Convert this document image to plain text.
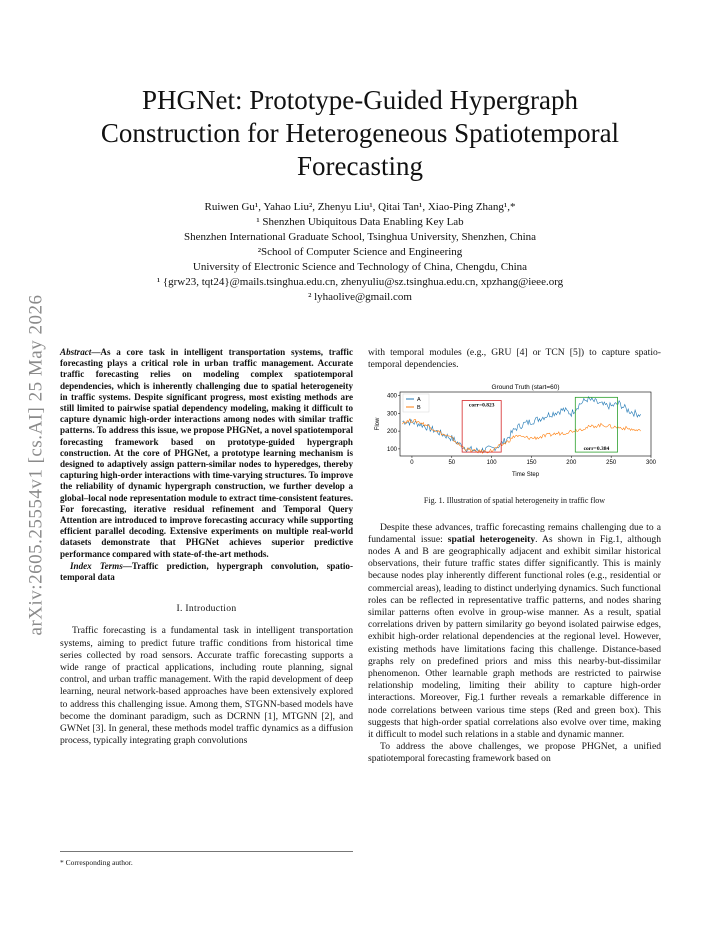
arXiv:2605.25554v1 [cs.AI] 25 May 2026
PHGNet: Prototype-Guided Hypergraph
Construction for Heterogeneous Spatiotemporal
Forecasting
Ruiwen Gu¹, Yahao Liu², Zhenyu Liu¹, Qitai Tan¹, Xiao-Ping Zhang¹,*
¹ Shenzhen Ubiquitous Data Enabling Key Lab
Shenzhen International Graduate School, Tsinghua University, Shenzhen, China
²School of Computer Science and Engineering
University of Electronic Science and Technology of China, Chengdu, China
¹ {grw23, tqt24}@mails.tsinghua.edu.cn, zhenyuliu@sz.tsinghua.edu.cn, xpzhang@ieee.org
² lyhaolive@gmail.com

Abstract—As a core task in intelligent transportation systems, traffic forecasting plays a critical role in urban traffic management. Accurate traffic forecasting relies on modeling complex spatiotemporal dependencies, which is inherently challenging due to spatial heterogeneity in traffic systems. Despite significant progress, most existing methods are still limited to pairwise spatial dependency modeling, making it difficult to capture dynamic high-order interactions among nodes with similar traffic patterns. To address this issue, we propose PHGNet, a novel spatiotemporal forecasting framework based on prototype-guided hypergraph construction. At the core of PHGNet, a prototype learning mechanism is designed to adaptively assign pattern-similar nodes to hyperedges, thereby capturing high-order interactions with time-varying structures. To improve the reliability of dynamic hypergraph construction, we further develop a global–local node representation module to extract time-consistent features. For forecasting, iterative residual refinement and Temporal Query Attention are introduced to improve forecasting accuracy while supporting efficient parallel decoding. Extensive experiments on multiple real-world datasets demonstrate that PHGNet achieves superior predictive performance compared with state-of-the-art methods.

Index Terms—Traffic prediction, hypergraph convolution, spatio-temporal data

I. Introduction

Traffic forecasting is a fundamental task in intelligent transportation systems, aiming to predict future traffic conditions from historical time series collected by road sensors. Accurate traffic forecasting supports a wide range of practical applications, including route planning, signal control, and urban traffic management. With the rapid development of deep learning, neural network-based approaches have been extensively explored to address this challenging issue. Among them, STGNN-based models have become the dominant paradigm, such as DCRNN [1], MTGNN [2], and GWNet [3]. In general, these methods model traffic dynamics as a diffusion process, typically integrating graph convolutions

* Corresponding author.

with temporal modules (e.g., GRU [4] or TCN [5]) to capture spatio-temporal dependencies.

Ground Truth (start=60)
Flow
Time Step
0	50	100	150	200	250	300
100
200
300
400
corr=0.823
corr=0.384
A
B
Fig. 1. Illustration of spatial heterogeneity in traffic flow

Despite these advances, traffic forecasting remains challenging due to a fundamental issue: spatial heterogeneity. As shown in Fig.1, although nodes A and B are geographically adjacent and exhibit similar historical observations, their future traffic states differ significantly. This is mainly because nodes play inherently different functional roles (e.g., residential or commercial areas), leading to distinct underlying dynamics. Such functional roles can be reflected in representative traffic patterns, and nodes sharing similar patterns often evolve in group-wise manner. As a result, spatial correlations driven by pattern similarity go beyond isolated pairwise edges, exhibit high-order relational dependencies at the regional level. However, existing methods have limitations facing this challenge. Distance-based graphs rely on predefined priors and miss this nearby-but-dissimilar phenomenon. Other learnable graph methods are restricted to pairwise relationship modeling, limiting their ability to capture high-order interactions. Moreover, Fig.1 further reveals a remarkable difference in node correlations between various time steps (Red and green box). This suggests that high-order spatial correlations also evolve over time, making it difficult to model such relations in a stable and dynamic manner.

To address the above challenges, we propose PHGNet, a unified spatiotemporal forecasting framework based on
